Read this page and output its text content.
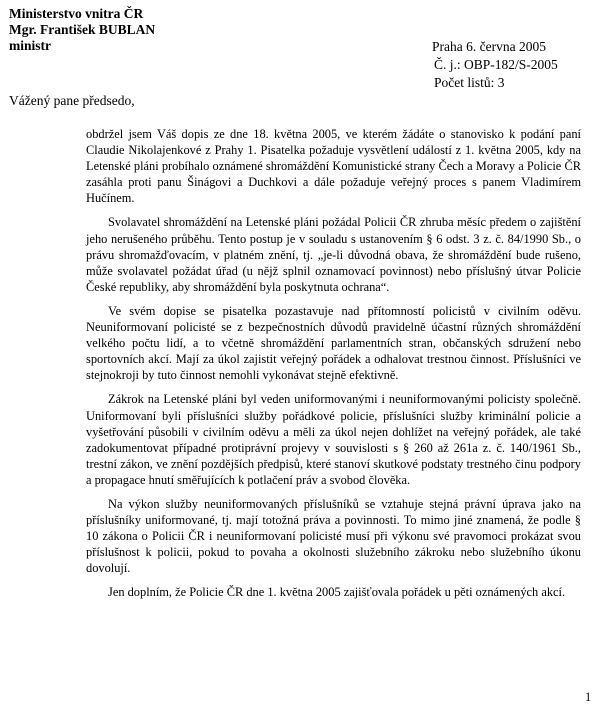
Ministerstvo vnitra ČR
Mgr. František BUBLAN
ministr	Praha 6. června 2005
Č. j.: OBP-182/S-2005
Počet listů: 3
Vážený pane předsedo,

obdržel jsem Váš dopis ze dne 18. května 2005, ve kterém žádáte o stanovisko k podání paní Claudie Nikolajenkové z Prahy 1. Pisatelka požaduje vysvětlení událostí z 1. května 2005, kdy na Letenské pláni probíhalo oznámené shromáždění Komunistické strany Čech a Moravy a Policie ČR zasáhla proti panu Šinágovi a Duchkovi a dále požaduje veřejný proces s panem Vladimírem Hučínem.

Svolavatel shromáždění na Letenské pláni požádal Policii ČR zhruba měsíc předem o zajištění jeho nerušeného průběhu. Tento postup je v souladu s ustanovením § 6 odst. 3 z. č. 84/1990 Sb., o právu shromažďovacím, v platném znění, tj. „je-li důvodná obava, že shromáždění bude rušeno, může svolavatel požádat úřad (u nějž splnil oznamovací povinnost) nebo příslušný útvar Policie České republiky, aby shromáždění byla poskytnuta ochrana“.

Ve svém dopise se pisatelka pozastavuje nad přítomností policistů v civilním oděvu. Neuniformovaní policisté se z bezpečnostních důvodů pravidelně účastní různých shromáždění velkého počtu lidí, a to včetně shromáždění parlamentních stran, občanských sdružení nebo sportovních akcí. Mají za úkol zajistit veřejný pořádek a odhalovat trestnou činnost. Příslušníci ve stejnokroji by tuto činnost nemohli vykonávat stejně efektivně.

Zákrok na Letenské pláni byl veden uniformovanými i neuniformovanými policisty společně. Uniformovaní byli příslušníci služby pořádkové policie, příslušníci služby kriminální policie a vyšetřování působili v civilním oděvu a měli za úkol nejen dohlížet na veřejný pořádek, ale také zadokumentovat případné protiprávní projevy v souvislosti s § 260 až 261a z. č. 140/1961 Sb., trestní zákon, ve znění pozdějších předpisů, které stanoví skutkové podstaty trestného činu podpory a propagace hnutí směřujících k potlačení práv a svobod člověka.

Na výkon služby neuniformovaných příslušníků se vztahuje stejná právní úprava jako na příslušníky uniformované, tj. mají totožná práva a povinnosti. To mimo jiné znamená, že podle § 10 zákona o Policii ČR i neuniformovaní policisté musí při výkonu své pravomoci prokázat svou příslušnost k policii, pokud to povaha a okolnosti služebního zákroku nebo služebního úkonu dovolují.

Jen doplním, že Policie ČR dne 1. května 2005 zajišťovala pořádek u pěti oznámených akcí.

1
